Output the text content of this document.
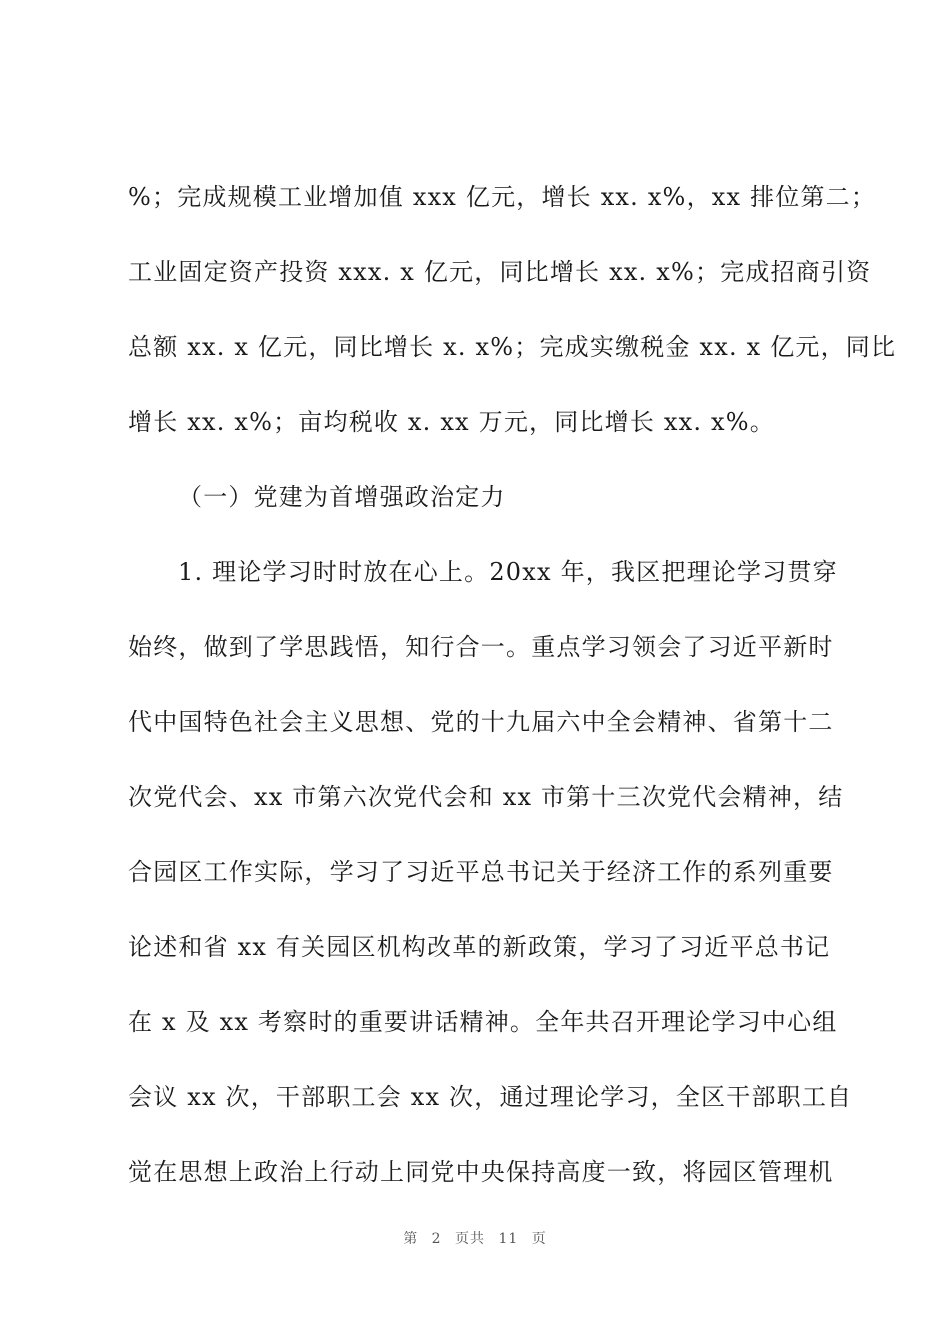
%；完成规模工业增加值 xxx 亿元，增长 xx. x%，xx 排位第二；
工业固定资产投资 xxx. x 亿元，同比增长 xx. x%；完成招商引资
总额 xx. x 亿元，同比增长 x. x%；完成实缴税金 xx. x 亿元，同比
增长 xx. x%；亩均税收 x. xx 万元，同比增长 xx. x%。
（一）党建为首增强政治定力
1. 理论学习时时放在心上。20xx 年，我区把理论学习贯穿
始终，做到了学思践悟，知行合一。重点学习领会了习近平新时
代中国特色社会主义思想、党的十九届六中全会精神、省第十二
次党代会、xx 市第六次党代会和 xx 市第十三次党代会精神，结
合园区工作实际，学习了习近平总书记关于经济工作的系列重要
论述和省 xx 有关园区机构改革的新政策，学习了习近平总书记
在 x 及 xx 考察时的重要讲话精神。全年共召开理论学习中心组
会议 xx 次，干部职工会 xx 次，通过理论学习，全区干部职工自
觉在思想上政治上行动上同党中央保持高度一致，将园区管理机
第 2 页共 11 页
